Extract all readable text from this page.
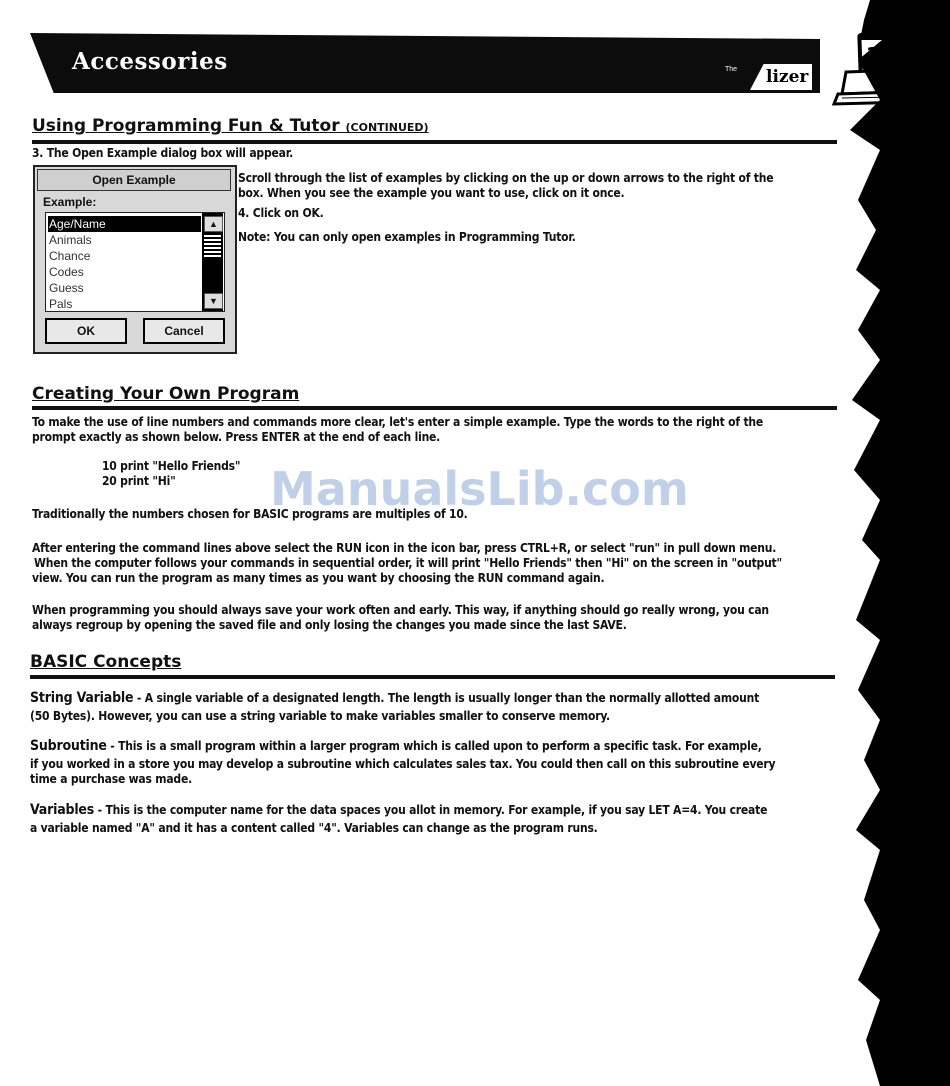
Accessories	The lizer
Using Programming Fun & Tutor (CONTINUED)
3. The Open Example dialog box will appear.
Open Example
Example:
Age/Name
Animals
Chance
Codes
Guess
Pals
▲
▼
OK	Cancel
Scroll through the list of examples by clicking on the up or down arrows to the right of the
box. When you see the example you want to use, click on it once.
4. Click on OK.
Note: You can only open examples in Programming Tutor.
Creating Your Own Program
To make the use of line numbers and commands more clear, let's enter a simple example. Type the words to the right of the
prompt exactly as shown below. Press ENTER at the end of each line.
10 print "Hello Friends"
20 print "Hi" ManualsLib.com
Traditionally the numbers chosen for BASIC programs are multiples of 10.
After entering the command lines above select the RUN icon in the icon bar, press CTRL+R, or select "run" in pull down menu.
When the computer follows your commands in sequential order, it will print "Hello Friends" then "Hi" on the screen in "output"
view. You can run the program as many times as you want by choosing the RUN command again.
When programming you should always save your work often and early. This way, if anything should go really wrong, you can
always regroup by opening the saved file and only losing the changes you made since the last SAVE.
BASIC Concepts
String Variable - A single variable of a designated length. The length is usually longer than the normally allotted amount
(50 Bytes). However, you can use a string variable to make variables smaller to conserve memory.
Subroutine - This is a small program within a larger program which is called upon to perform a specific task. For example,
if you worked in a store you may develop a subroutine which calculates sales tax. You could then call on this subroutine every
time a purchase was made.
Variables - This is the computer name for the data spaces you allot in memory. For example, if you say LET A=4. You create
a variable named "A" and it has a content called "4". Variables can change as the program runs.
